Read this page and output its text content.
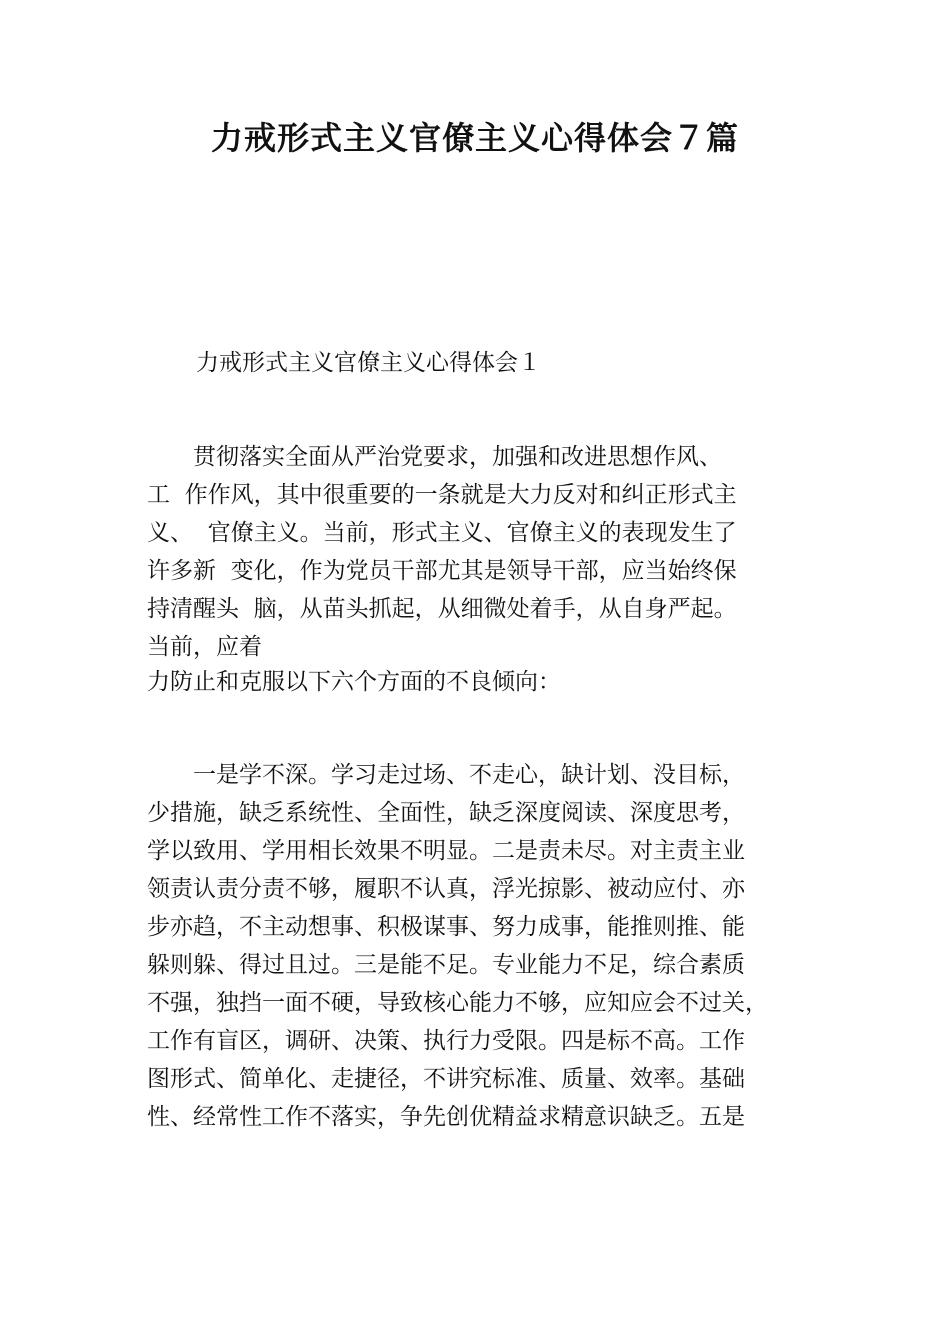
力戒形式主义官僚主义心得体会７篇

力戒形式主义官僚主义心得体会１

　　贯彻落实全面从严治党要求，加强和改进思想作风、

工  作作风，其中很重要的一条就是大力反对和纠正形式主

义、  官僚主义。当前，形式主义、官僚主义的表现发生了

许多新  变化，作为党员干部尤其是领导干部，应当始终保

持清醒头  脑，从苗头抓起，从细微处着手，从自身严起。

当前，应着

力防止和克服以下六个方面的不良倾向：

　　一是学不深。学习走过场、不走心，缺计划、没目标，

少措施，缺乏系统性、全面性，缺乏深度阅读、深度思考，

学以致用、学用相长效果不明显。二是责未尽。对主责主业

领责认责分责不够，履职不认真，浮光掠影、被动应付、亦

步亦趋，不主动想事、积极谋事、努力成事，能推则推、能

躲则躲、得过且过。三是能不足。专业能力不足，综合素质

不强，独挡一面不硬，导致核心能力不够，应知应会不过关，

工作有盲区，调研、决策、执行力受限。四是标不高。工作

图形式、简单化、走捷径，不讲究标准、质量、效率。基础

性、经常性工作不落实，争先创优精益求精意识缺乏。五是
